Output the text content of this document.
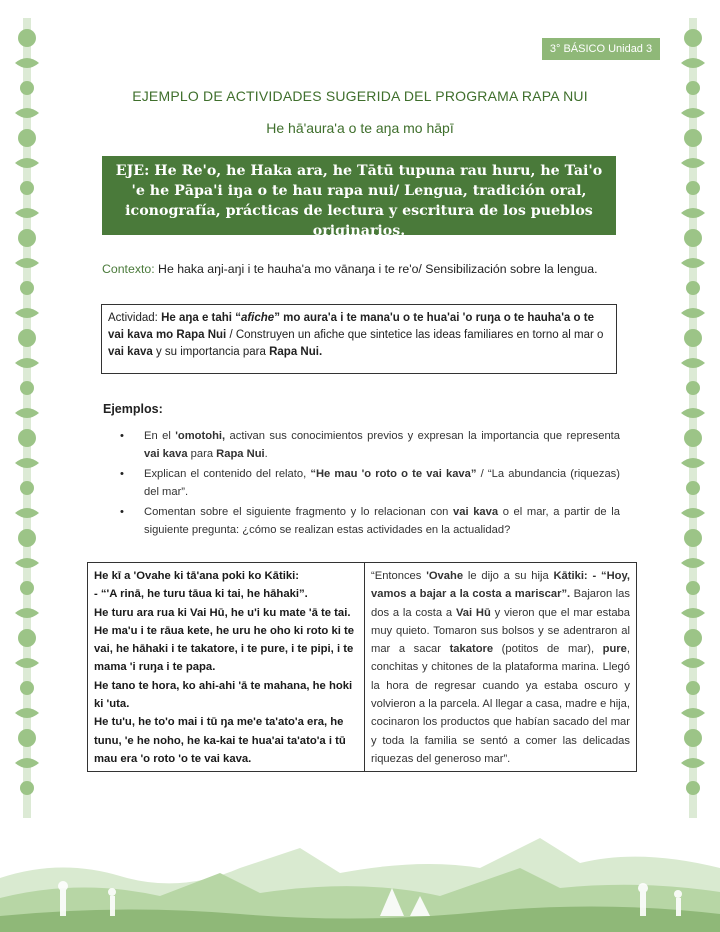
3° BÁSICO Unidad 3
EJEMPLO DE ACTIVIDADES SUGERIDA DEL PROGRAMA RAPA NUI
He hā'aura'a o te aŋa mo hāpī
EJE: He Re'o, he Haka ara, he Tātū tupuna rau huru, he Tai'o 'e he Pāpa'i iŋa o te hau rapa nui/ Lengua, tradición oral, iconografía, prácticas de lectura y escritura de los pueblos originarios.
Contexto: He haka aŋi-aŋi i te hauha'a mo vānaŋa i te re'o/ Sensibilización sobre la lengua.
Actividad: He aŋa e tahi “afiche” mo aura'a i te mana'u o te hua'ai 'o ruŋa o te hauha'a o te vai kava mo Rapa Nui / Construyen un afiche que sintetice las ideas familiares en torno al mar o vai kava y su importancia para Rapa Nui.
Ejemplos:
• En el 'omotohi, activan sus conocimientos previos y expresan la importancia que representa vai kava para Rapa Nui.
• Explican el contenido del relato, “He mau 'o roto o te vai kava” / “La abundancia (riquezas) del mar”.
• Comentan sobre el siguiente fragmento y lo relacionan con vai kava o el mar, a partir de la siguiente pregunta: ¿cómo se realizan estas actividades en la actualidad?
He kī a 'Ovahe ki tā'ana poki ko Kātiki:
- “'A rinā, he turu tāua ki tai, he hāhaki”.
He turu ara rua ki Vai Hū, he u'i ku mate 'ā te tai.
He ma'u i te rāua kete, he uru he oho ki roto ki te vai, he hāhaki i te takatore, i te pure, i te pipi, i te mama 'i ruŋa i te papa.
He tano te hora, ko ahi-ahi 'ā te mahana, he hoki ki 'uta.
He tu'u, he to'o mai i tū ŋa me'e ta'ato'a era, he tunu, 'e he noho, he ka-kai te hua'ai ta'ato'a i tū mau era 'o roto 'o te vai kava.
“Entonces 'Ovahe le dijo a su hija Kātiki: - “Hoy, vamos a bajar a la costa a mariscar”. Bajaron las dos a la costa a Vai Hū y vieron que el mar estaba muy quieto. Tomaron sus bolsos y se adentraron al mar a sacar takatore (potitos de mar), pure, conchitas y chitones de la plataforma marina. Llegó la hora de regresar cuando ya estaba oscuro y volvieron a la parcela. Al llegar a casa, madre e hija, cocinaron los productos que habían sacado del mar y toda la familia se sentó a comer las delicadas riquezas del generoso mar”.
